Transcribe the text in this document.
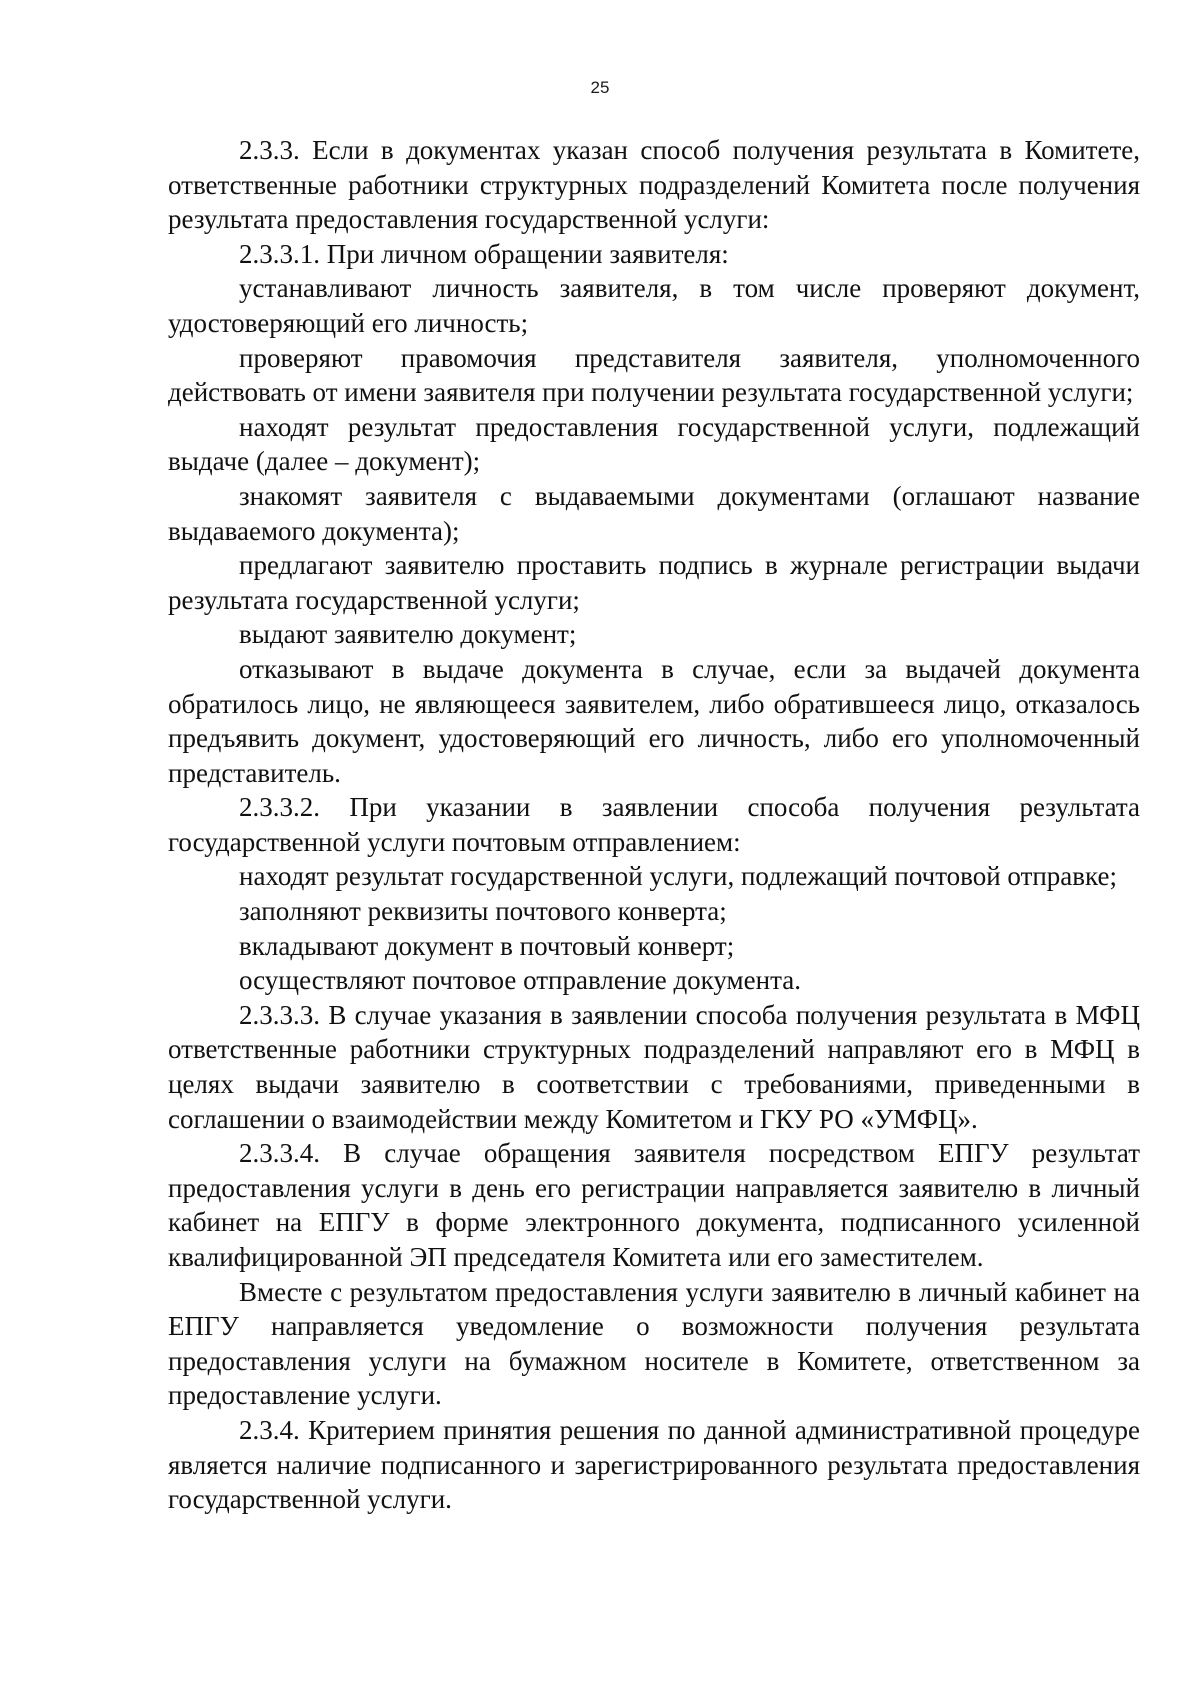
25

2.3.3. Если в документах указан способ получения результата в Комитете, ответственные работники структурных подразделений Комитета после получения результата предоставления государственной услуги:

2.3.3.1. При личном обращении заявителя:

устанавливают личность заявителя, в том числе проверяют документ, удостоверяющий его личность;

проверяют правомочия представителя заявителя, уполномоченного действовать от имени заявителя при получении результата государственной услуги;

находят результат предоставления государственной услуги, подлежащий выдаче (далее – документ);

знакомят заявителя с выдаваемыми документами (оглашают название выдаваемого документа);

предлагают заявителю проставить подпись в журнале регистрации выдачи результата государственной услуги;

выдают заявителю документ;

отказывают в выдаче документа в случае, если за выдачей документа обратилось лицо, не являющееся заявителем, либо обратившееся лицо, отказалось предъявить документ, удостоверяющий его личность, либо его уполномоченный представитель.

2.3.3.2. При указании в заявлении способа получения результата государственной услуги почтовым отправлением:

находят результат государственной услуги, подлежащий почтовой отправке;

заполняют реквизиты почтового конверта;

вкладывают документ в почтовый конверт;

осуществляют почтовое отправление документа.

2.3.3.3. В случае указания в заявлении способа получения результата в МФЦ ответственные работники структурных подразделений направляют его в МФЦ в целях выдачи заявителю в соответствии с требованиями, приведенными в соглашении о взаимодействии между Комитетом и ГКУ РО «УМФЦ».

2.3.3.4. В случае обращения заявителя посредством ЕПГУ результат предоставления услуги в день его регистрации направляется заявителю в личный кабинет на ЕПГУ в форме электронного документа, подписанного усиленной квалифицированной ЭП председателя Комитета или его заместителем.

Вместе с результатом предоставления услуги заявителю в личный кабинет на ЕПГУ направляется уведомление о возможности получения результата предоставления услуги на бумажном носителе в Комитете, ответственном за предоставление услуги.

2.3.4. Критерием принятия решения по данной административной процедуре является наличие подписанного и зарегистрированного результата предоставления государственной услуги.
